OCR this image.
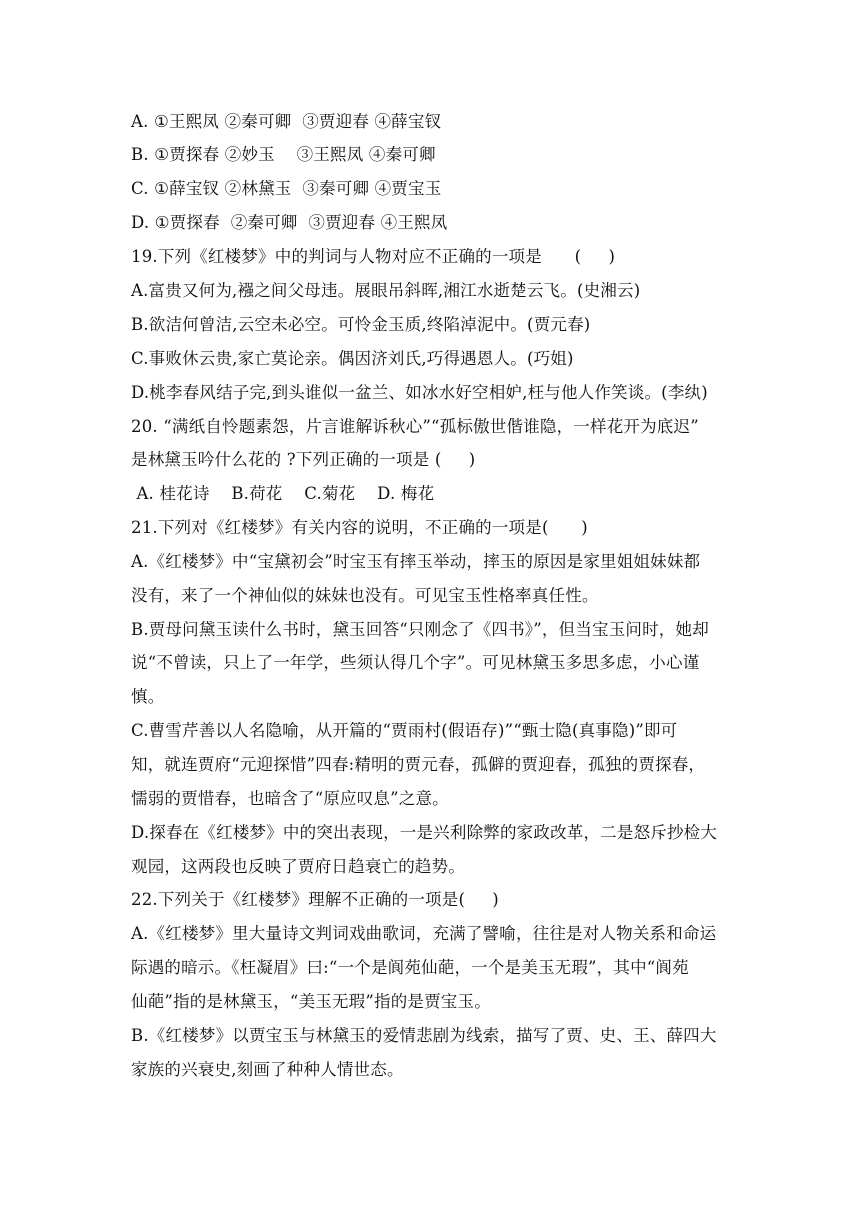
A. ①王熙凤 ②秦可卿  ③贾迎春 ④薛宝钗
B. ①贾探春 ②妙玉    ③王熙凤 ④秦可卿
C. ①薛宝钗 ②林黛玉  ③秦可卿 ④贾宝玉
D. ①贾探春  ②秦可卿  ③贾迎春 ④王熙凤
19.下列《红楼梦》中的判词与人物对应不正确的一项是      (     )
A.富贵又何为,襁之间父母违。展眼吊斜晖,湘江水逝楚云飞。(史湘云)
B.欲洁何曾洁,云空未必空。可怜金玉质,终陷淖泥中。(贾元春)
C.事败休云贵,家亡莫论亲。偶因济刘氏,巧得遇恩人。(巧姐)
D.桃李春风结子完,到头谁似一盆兰、如冰水好空相妒,枉与他人作笑谈。(李纨)
20. “满纸自怜题素怨，片言谁解诉秋心”“孤标傲世偕谁隐，一样花开为底迟”
是林黛玉吟什么花的 ?下列正确的一项是 (     )
A. 桂花诗    B.荷花    C.菊花    D. 梅花
21.下列对《红楼梦》有关内容的说明，不正确的一项是(      )
A.《红楼梦》中“宝黛初会”时宝玉有摔玉举动，摔玉的原因是家里姐姐妹妹都
没有，来了一个神仙似的妹妹也没有。可见宝玉性格率真任性。
B.贾母问黛玉读什么书时，黛玉回答“只刚念了《四书》”，但当宝玉问时，她却
说“不曾读，只上了一年学，些须认得几个字”。可见林黛玉多思多虑，小心谨
慎。
C.曹雪芹善以人名隐喻，从开篇的“贾雨村(假语存)”“甄士隐(真事隐)”即可
知，就连贾府“元迎探惜”四春:精明的贾元春，孤僻的贾迎春，孤独的贾探春，
懦弱的贾惜春，也暗含了“原应叹息”之意。
D.探春在《红楼梦》中的突出表现，一是兴利除弊的家政改革，二是怒斥抄检大
观园，这两段也反映了贾府日趋衰亡的趋势。
22.下列关于《红楼梦》理解不正确的一项是(     )
A.《红楼梦》里大量诗文判词戏曲歌词，充满了譬喻，往往是对人物关系和命运
际遇的暗示。《枉凝眉》曰:“一个是阆苑仙葩，一个是美玉无瑕”，其中“阆苑
仙葩”指的是林黛玉，“美玉无瑕”指的是贾宝玉。
B.《红楼梦》以贾宝玉与林黛玉的爱情悲剧为线索，描写了贾、史、王、薛四大
家族的兴衰史,刻画了种种人情世态。
